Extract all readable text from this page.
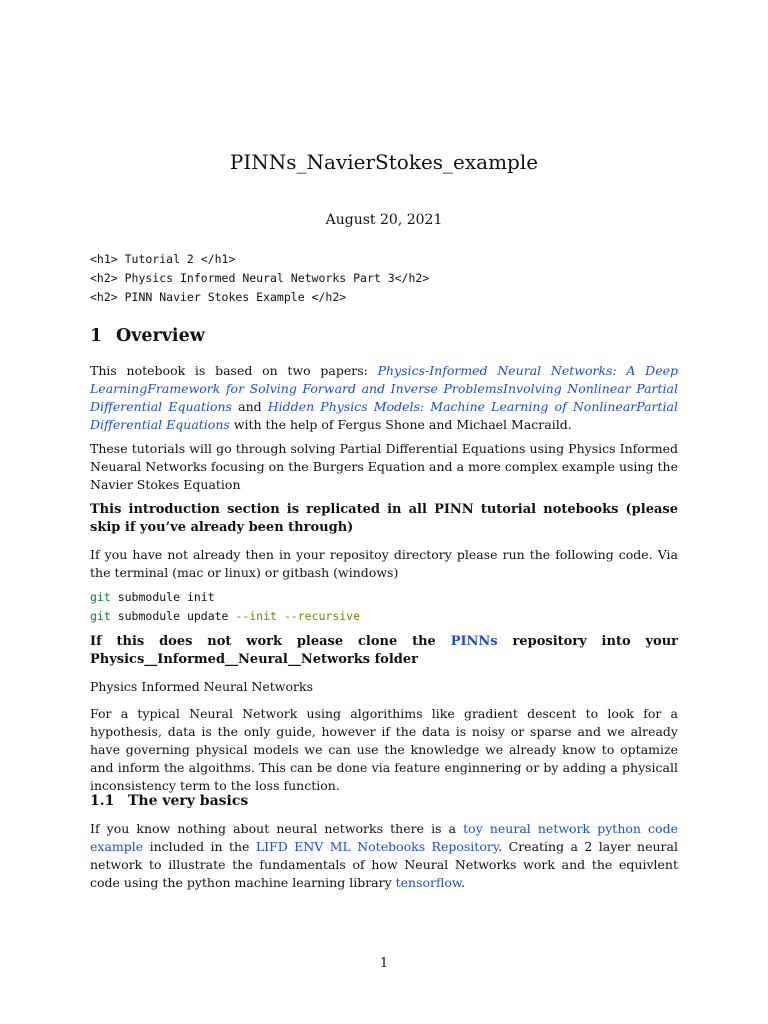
PINNs_NavierStokes_example
August 20, 2021
<h1> Tutorial 2 </h1>
<h2> Physics Informed Neural Networks Part 3</h2>
<h2> PINN Navier Stokes Example </h2>
1 Overview

This notebook is based on two papers: Physics-Informed Neural Networks: A Deep LearningFramework for Solving Forward and Inverse ProblemsInvolving Nonlinear Partial Differential Equations and Hidden Physics Models: Machine Learning of NonlinearPartial Differential Equations with the help of Fergus Shone and Michael Macraild.

These tutorials will go through solving Partial Differential Equations using Physics Informed Neuaral Networks focusing on the Burgers Equation and a more complex example using the Navier Stokes Equation

This introduction section is replicated in all PINN tutorial notebooks (please skip if you’ve already been through)

If you have not already then in your repositoy directory please run the following code. Via the terminal (mac or linux) or gitbash (windows)

git submodule init
git submodule update --init --recursive

If this does not work please clone the PINNs repository into your Physics__Informed__Neural__Networks folder

Physics Informed Neural Networks

For a typical Neural Network using algorithims like gradient descent to look for a hypothesis, data is the only guide, however if the data is noisy or sparse and we already have governing physical models we can use the knowledge we already know to optamize and inform the algoithms. This can be done via feature enginnering or by adding a physicall inconsistency term to the loss function.

1.1 The very basics

If you know nothing about neural networks there is a toy neural network python code example included in the LIFD ENV ML Notebooks Repository. Creating a 2 layer neural network to illustrate the fundamentals of how Neural Networks work and the equivlent code using the python machine learning library tensorflow.

1
